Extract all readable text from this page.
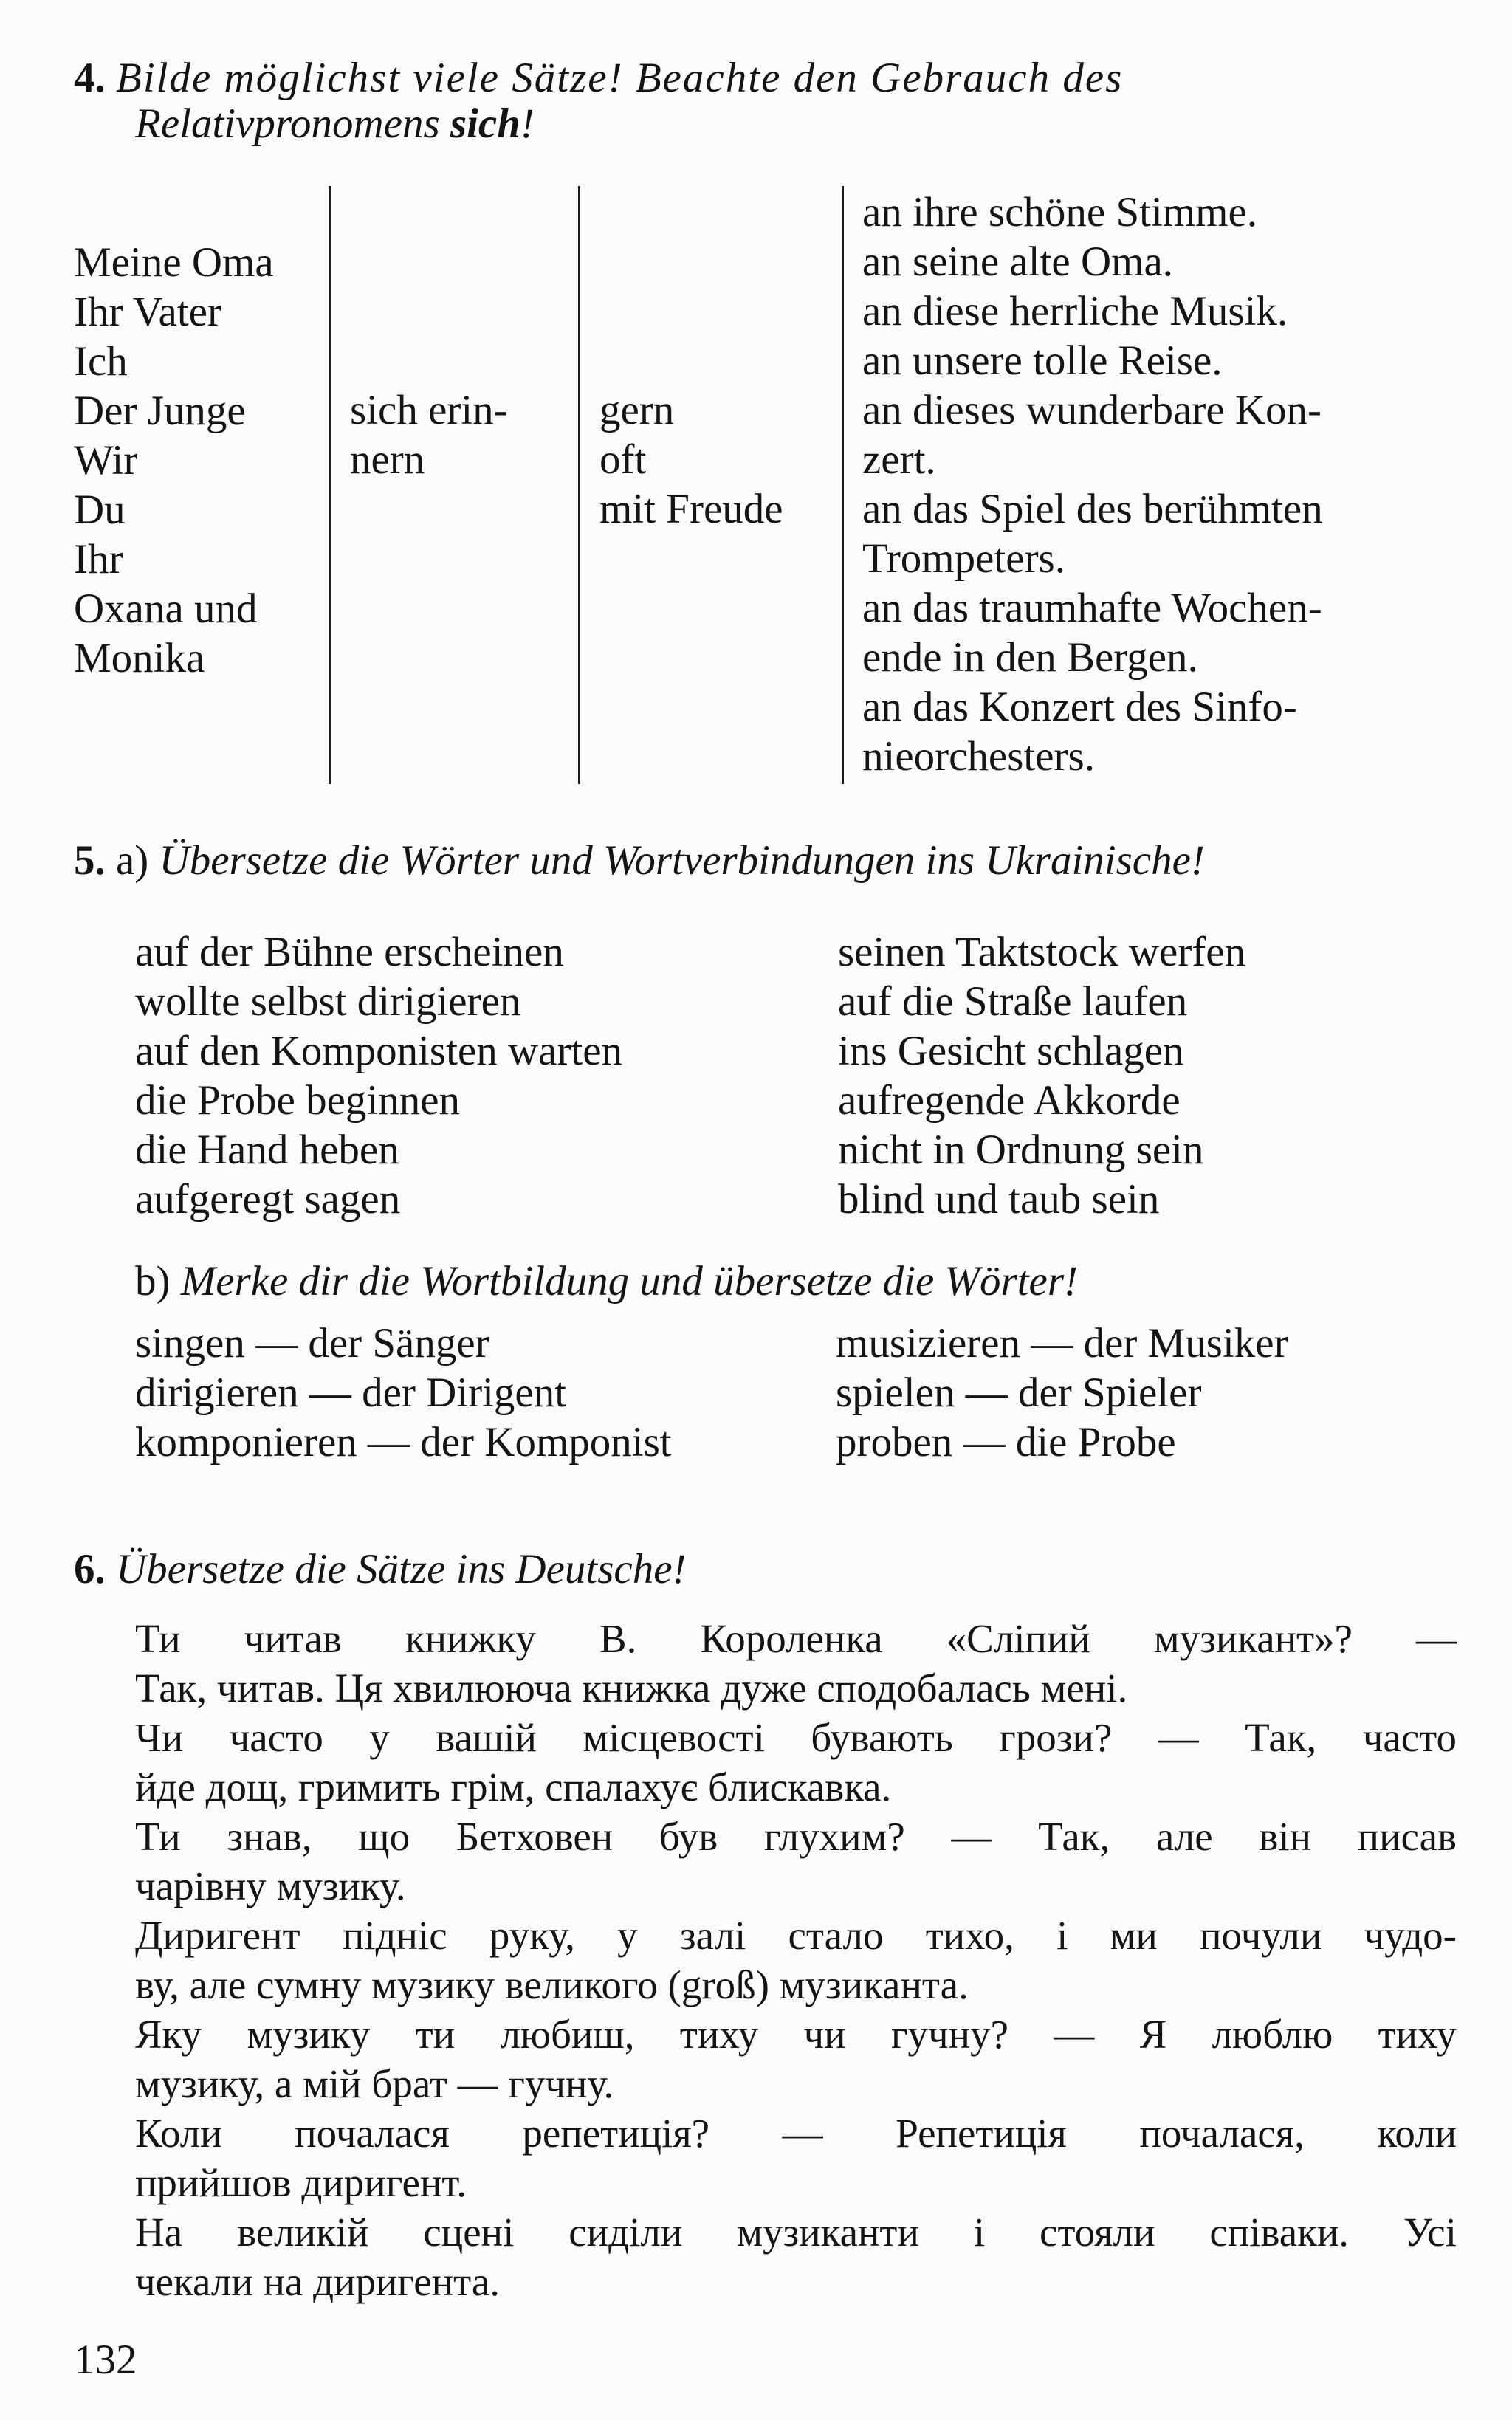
4. Bilde möglichst viele Sätze! Beachte den Gebrauch des
Relativpronomens sich!
Meine Oma
Ihr Vater
Ich
Der Junge
Wir
Du
Ihr
Oxana und
Monika
sich erin-
nern
gern
oft
mit Freude
an ihre schöne Stimme.
an seine alte Oma.
an diese herrliche Musik.
an unsere tolle Reise.
an dieses wunderbare Kon-
zert.
an das Spiel des berühmten
Trompeters.
an das traumhafte Wochen-
ende in den Bergen.
an das Konzert des Sinfo-
nieorchesters.
5. a) Übersetze die Wörter und Wortverbindungen ins Ukrainische!
auf der Bühne erscheinen
wollte selbst dirigieren
auf den Komponisten warten
die Probe beginnen
die Hand heben
aufgeregt sagen
seinen Taktstock werfen
auf die Straße laufen
ins Gesicht schlagen
aufregende Akkorde
nicht in Ordnung sein
blind und taub sein
b) Merke dir die Wortbildung und übersetze die Wörter!
singen — der Sänger
dirigieren — der Dirigent
komponieren — der Komponist
musizieren — der Musiker
spielen — der Spieler
proben — die Probe
6. Übersetze die Sätze ins Deutsche!
Ти читав книжку В. Короленка «Сліпий музикант»? —
Так, читав. Ця хвилююча книжка дуже сподобалась мені.
Чи часто у вашій місцевості бувають грози? — Так, часто
йде дощ, гримить грім, спалахує блискавка.
Ти знав, що Бетховен був глухим? — Так, але він писав
чарівну музику.
Диригент підніс руку, у залі стало тихо, і ми почули чудо-
ву, але сумну музику великого (groß) музиканта.
Яку музику ти любиш, тиху чи гучну? — Я люблю тиху
музику, а мій брат — гучну.
Коли почалася репетиція? — Репетиція почалася, коли
прийшов диригент.
На великій сцені сиділи музиканти і стояли співаки. Усі
чекали на диригента.
132
